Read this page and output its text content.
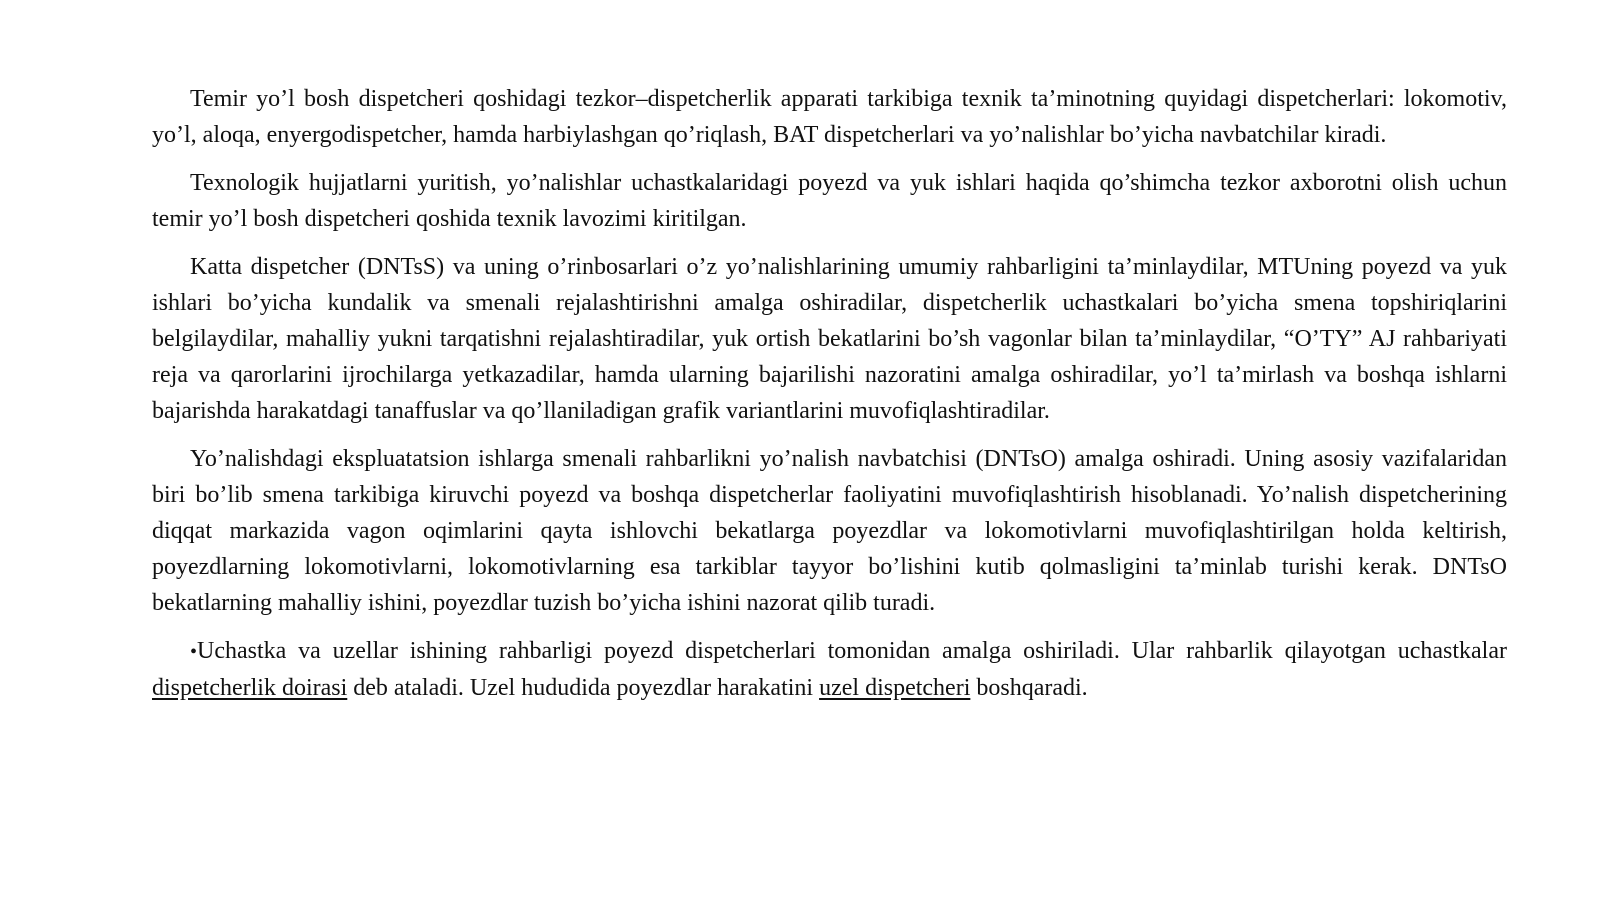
Temir yo’l bosh dispetcheri qoshidagi tezkor–dispetcherlik apparati tarkibiga texnik ta’minotning quyidagi dispetcherlari: lokomotiv, yo’l, aloqa, enyergodispetcher, hamda harbiylashgan qo’riqlash, BAT dispetcherlari va yo’nalishlar bo’yicha navbatchilar kiradi.

Texnologik hujjatlarni yuritish, yo’nalishlar uchastkalaridagi poyezd va yuk ishlari haqida qo’shimcha tezkor axborotni olish uchun temir yo’l bosh dispetcheri qoshida texnik lavozimi kiritilgan.

Katta dispetcher (DNTsS) va uning o’rinbosarlari o’z yo’nalishlarining umumiy rahbarligini ta’minlaydilar, MTUning poyezd va yuk ishlari bo’yicha kundalik va smenali rejalashtirishni amalga oshiradilar, dispetcherlik uchastkalari bo’yicha smena topshiriqlarini belgilaydilar, mahalliy yukni tarqatishni rejalashtiradilar, yuk ortish bekatlarini bo’sh vagonlar bilan ta’minlaydilar, “O’TY” AJ rahbariyati reja va qarorlarini ijrochilarga yetkazadilar, hamda ularning bajarilishi nazoratini amalga oshiradilar, yo’l ta’mirlash va boshqa ishlarni bajarishda harakatdagi tanaffuslar va qo’llaniladigan grafik variantlarini muvofiqlashtiradilar.

Yo’nalishdagi ekspluatatsion ishlarga smenali rahbarlikni yo’nalish navbatchisi (DNTsO) amalga oshiradi. Uning asosiy vazifalaridan biri bo’lib smena tarkibiga kiruvchi poyezd va boshqa dispetcherlar faoliyatini muvofiqlashtirish hisoblanadi. Yo’nalish dispetcherining diqqat markazida vagon oqimlarini qayta ishlovchi bekatlarga poyezdlar va lokomotivlarni muvofiqlashtirilgan holda keltirish, poyezdlarning lokomotivlarni, lokomotivlarning esa tarkiblar tayyor bo’lishini kutib qolmasligini ta’minlab turishi kerak. DNTsO bekatlarning mahalliy ishini, poyezdlar tuzish bo’yicha ishini nazorat qilib turadi.

•Uchastka va uzellar ishining rahbarligi poyezd dispetcherlari tomonidan amalga oshiriladi. Ular rahbarlik qilayotgan uchastkalar dispetcherlik doirasi deb ataladi. Uzel hududida poyezdlar harakatini uzel dispetcheri boshqaradi.
